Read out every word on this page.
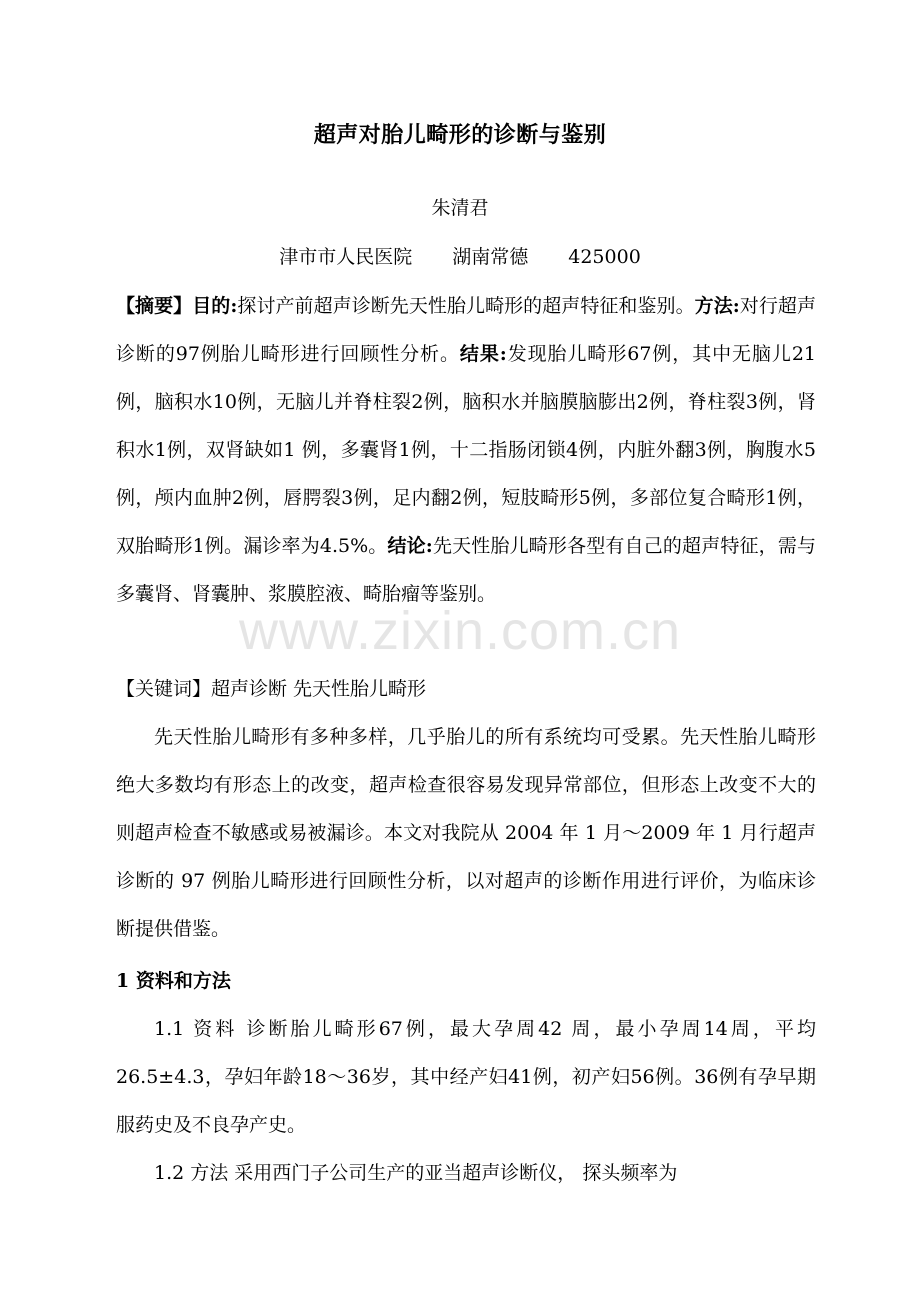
超声对胎儿畸形的诊断与鉴别
朱清君
津市市人民医院 湖南常德 425000
【摘要】目的:探讨产前超声诊断先天性胎儿畸形的超声特征和鉴别。方法:对行超声诊断的97例胎儿畸形进行回顾性分析。结果:发现胎儿畸形67例，其中无脑儿21例，脑积水10例，无脑儿并脊柱裂2例，脑积水并脑膜脑膨出2例，脊柱裂3例，肾积水1例，双肾缺如1 例，多囊肾1例，十二指肠闭锁4例，内脏外翻3例，胸腹水5例，颅内血肿2例，唇腭裂3例，足内翻2例，短肢畸形5例，多部位复合畸形1例，双胎畸形1例。漏诊率为4.5%。结论:先天性胎儿畸形各型有自己的超声特征，需与多囊肾、肾囊肿、浆膜腔液、畸胎瘤等鉴别。
www.zixin.com.cn
【关键词】超声诊断 先天性胎儿畸形
先天性胎儿畸形有多种多样，几乎胎儿的所有系统均可受累。先天性胎儿畸形绝大多数均有形态上的改变，超声检查很容易发现异常部位，但形态上改变不大的则超声检查不敏感或易被漏诊。本文对我院从 2004 年 1 月～2009 年 1 月行超声诊断的 97 例胎儿畸形进行回顾性分析，以对超声的诊断作用进行评价，为临床诊断提供借鉴。
1 资料和方法
1.1 资料 诊断胎儿畸形67例，最大孕周42 周，最小孕周14周，平均26.5±4.3，孕妇年龄18～36岁，其中经产妇41例，初产妇56例。36例有孕早期服药史及不良孕产史。
1.2 方法 采用西门子公司生产的亚当超声诊断仪， 探头频率为
